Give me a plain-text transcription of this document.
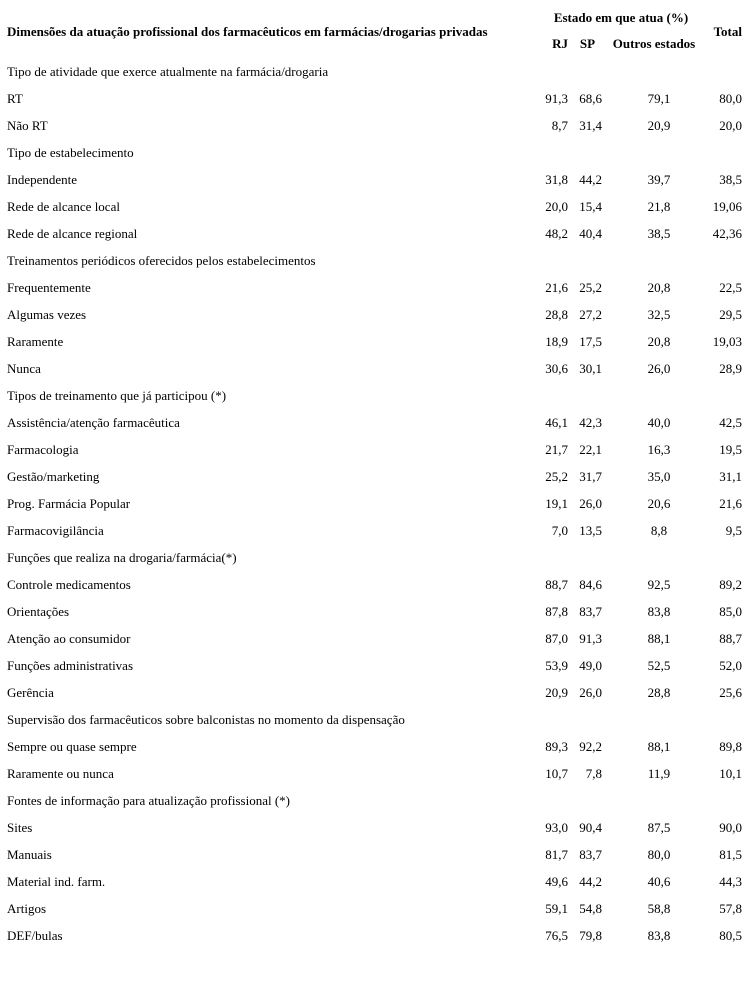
Dimensões da atuação profissional dos farmacêuticos em farmácias/drogarias privadas	Estado em que atua (%)			Total
	RJ	SP	Outros estados	
Tipo de atividade que exerce atualmente na farmácia/drogaria				
RT	91,3	68,6	79,1	80,0
Não RT	8,7	31,4	20,9	20,0
Tipo de estabelecimento				
Independente	31,8	44,2	39,7	38,5
Rede de alcance local	20,0	15,4	21,8	19,06
Rede de alcance regional	48,2	40,4	38,5	42,36
Treinamentos periódicos oferecidos pelos estabelecimentos				
Frequentemente	21,6	25,2	20,8	22,5
Algumas vezes	28,8	27,2	32,5	29,5
Raramente	18,9	17,5	20,8	19,03
Nunca	30,6	30,1	26,0	28,9
Tipos de treinamento que já participou (*)				
Assistência/atenção farmacêutica	46,1	42,3	40,0	42,5
Farmacologia	21,7	22,1	16,3	19,5
Gestão/marketing	25,2	31,7	35,0	31,1
Prog. Farmácia Popular	19,1	26,0	20,6	21,6
Farmacovigilância	7,0	13,5	8,8	9,5
Funções que realiza na drogaria/farmácia(*)				
Controle medicamentos	88,7	84,6	92,5	89,2
Orientações	87,8	83,7	83,8	85,0
Atenção ao consumidor	87,0	91,3	88,1	88,7
Funções administrativas	53,9	49,0	52,5	52,0
Gerência	20,9	26,0	28,8	25,6
Supervisão dos farmacêuticos sobre balconistas no momento da dispensação				
Sempre ou quase sempre	89,3	92,2	88,1	89,8
Raramente ou nunca	10,7	7,8	11,9	10,1
Fontes de informação para atualização profissional (*)				
Sites	93,0	90,4	87,5	90,0
Manuais	81,7	83,7	80,0	81,5
Material ind. farm.	49,6	44,2	40,6	44,3
Artigos	59,1	54,8	58,8	57,8
DEF/bulas	76,5	79,8	83,8	80,5
